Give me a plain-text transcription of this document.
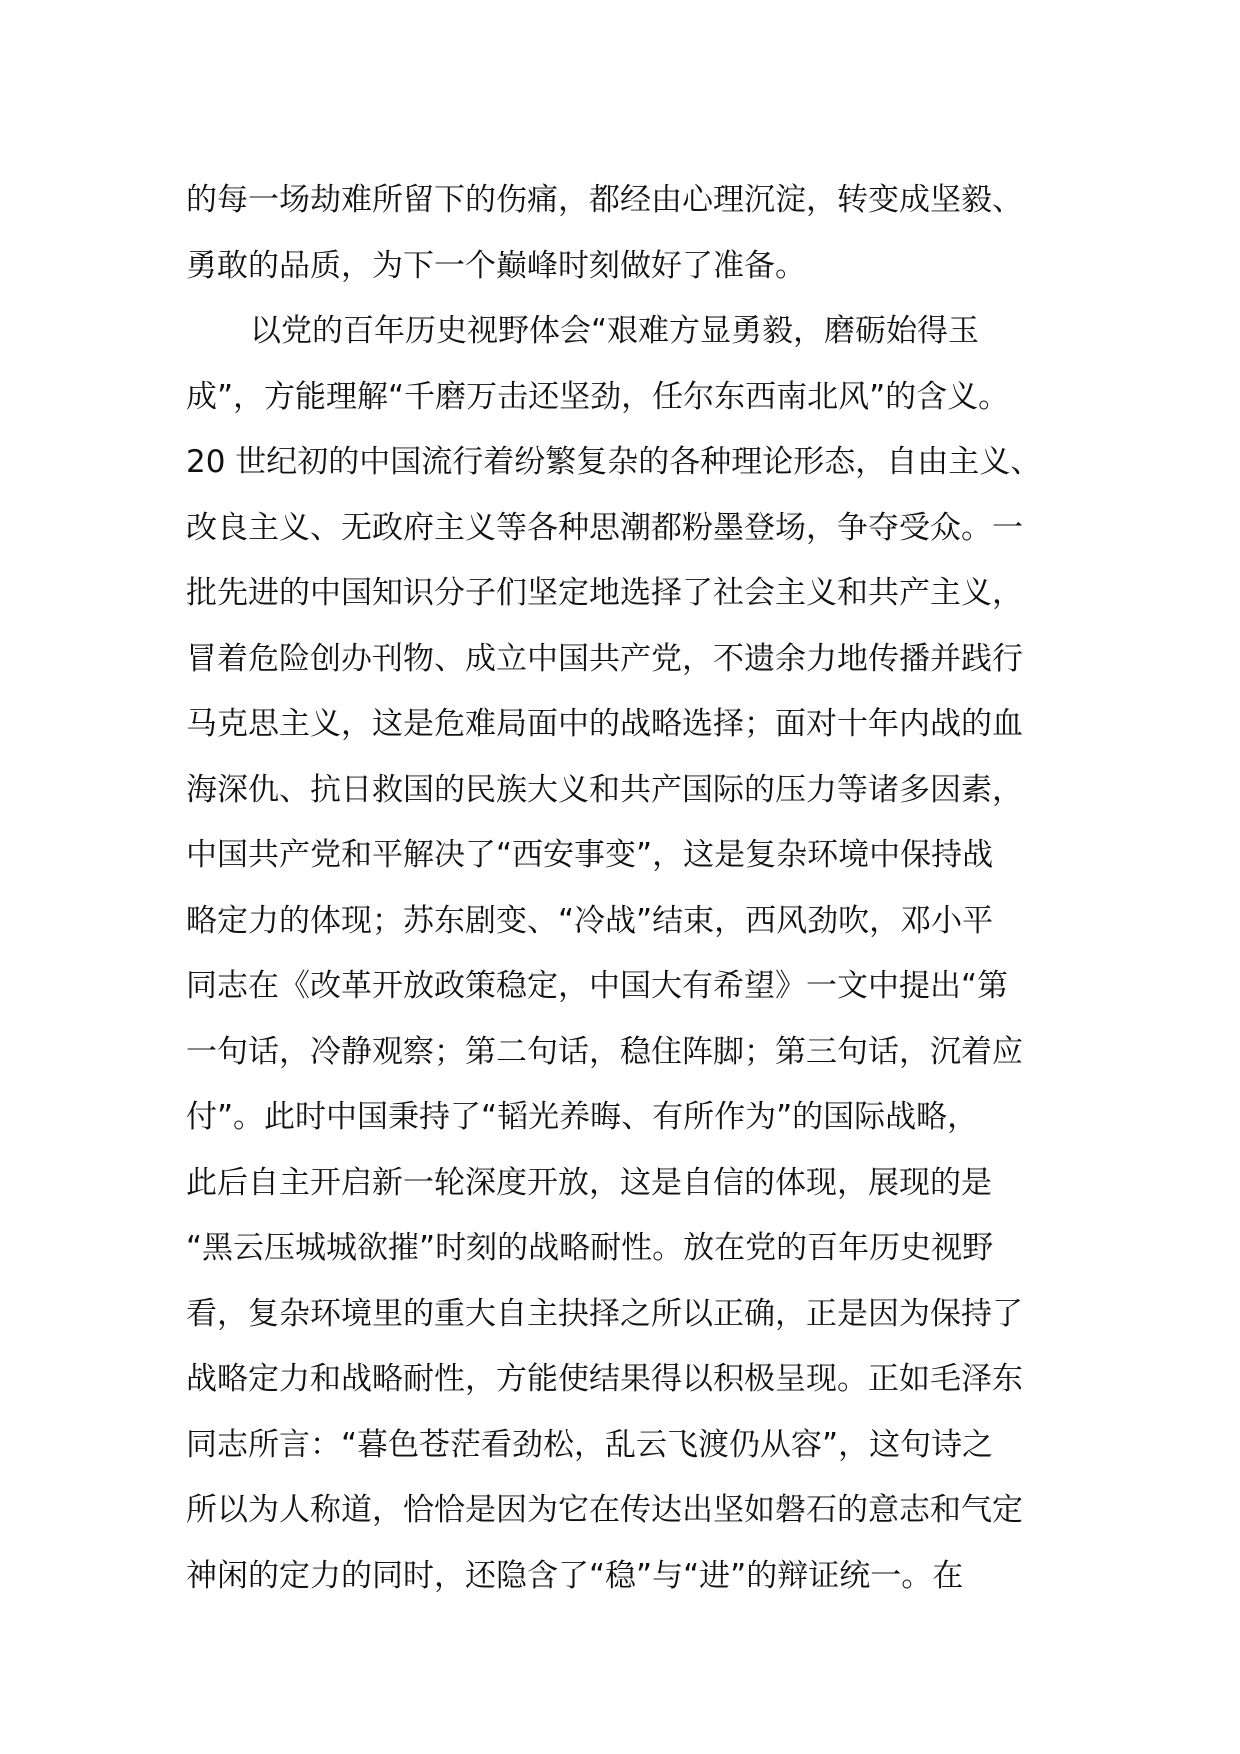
的每一场劫难所留下的伤痛，都经由心理沉淀，转变成坚毅、
勇敢的品质，为下一个巅峰时刻做好了准备。
以党的百年历史视野体会“艰难方显勇毅，磨砺始得玉
成”，方能理解“千磨万击还坚劲，任尔东西南北风”的含义。
20 世纪初的中国流行着纷繁复杂的各种理论形态，自由主义、
改良主义、无政府主义等各种思潮都粉墨登场，争夺受众。一
批先进的中国知识分子们坚定地选择了社会主义和共产主义，
冒着危险创办刊物、成立中国共产党，不遗余力地传播并践行
马克思主义，这是危难局面中的战略选择；面对十年内战的血
海深仇、抗日救国的民族大义和共产国际的压力等诸多因素，
中国共产党和平解决了“西安事变”，这是复杂环境中保持战
略定力的体现；苏东剧变、“冷战”结束，西风劲吹，邓小平
同志在《改革开放政策稳定，中国大有希望》一文中提出“第
一句话，冷静观察；第二句话，稳住阵脚；第三句话，沉着应
付”。此时中国秉持了“韬光养晦、有所作为”的国际战略，
此后自主开启新一轮深度开放，这是自信的体现，展现的是
“黑云压城城欲摧”时刻的战略耐性。放在党的百年历史视野
看，复杂环境里的重大自主抉择之所以正确，正是因为保持了
战略定力和战略耐性，方能使结果得以积极呈现。正如毛泽东
同志所言：“暮色苍茫看劲松，乱云飞渡仍从容”，这句诗之
所以为人称道，恰恰是因为它在传达出坚如磐石的意志和气定
神闲的定力的同时，还隐含了“稳”与“进”的辩证统一。在
